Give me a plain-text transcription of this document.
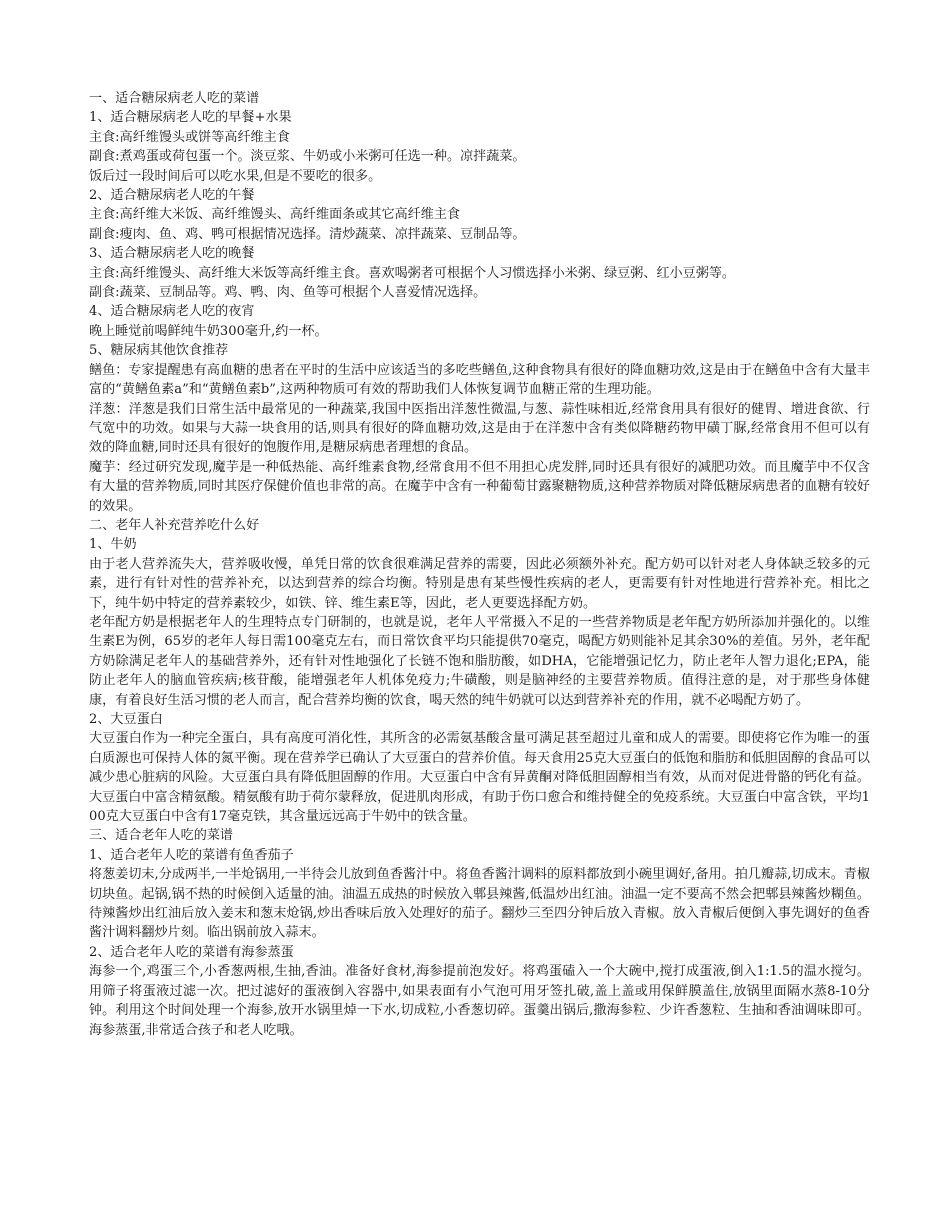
一、适合糖尿病老人吃的菜谱

1、适合糖尿病老人吃的早餐+水果

主食:高纤维馒头或饼等高纤维主食

副食:煮鸡蛋或荷包蛋一个。淡豆浆、牛奶或小米粥可任选一种。凉拌蔬菜。

饭后过一段时间后可以吃水果,但是不要吃的很多。

2、适合糖尿病老人吃的午餐

主食:高纤维大米饭、高纤维馒头、高纤维面条或其它高纤维主食

副食:瘦肉、鱼、鸡、鸭可根据情况选择。清炒蔬菜、凉拌蔬菜、豆制品等。

3、适合糖尿病老人吃的晚餐

主食:高纤维馒头、高纤维大米饭等高纤维主食。喜欢喝粥者可根据个人习惯选择小米粥、绿豆粥、红小豆粥等。

副食:蔬菜、豆制品等。鸡、鸭、肉、鱼等可根据个人喜爱情况选择。

4、适合糖尿病老人吃的夜宵

晚上睡觉前喝鲜纯牛奶300毫升,约一杯。

5、糖尿病其他饮食推荐

鳝鱼：专家提醒患有高血糖的患者在平时的生活中应该适当的多吃些鳝鱼,这种食物具有很好的降血糖功效,这是由于在鳝鱼中含有大量丰富的“黄鳝鱼素a”和“黄鳝鱼素b”,这两种物质可有效的帮助我们人体恢复调节血糖正常的生理功能。

洋葱：洋葱是我们日常生活中最常见的一种蔬菜,我国中医指出洋葱性微温,与葱、蒜性味相近,经常食用具有很好的健胃、增进食欲、行气宽中的功效。如果与大蒜一块食用的话,则具有很好的降血糖功效,这是由于在洋葱中含有类似降糖药物甲磺丁脲,经常食用不但可以有效的降血糖,同时还具有很好的饱腹作用,是糖尿病患者理想的食品。

魔芋：经过研究发现,魔芋是一种低热能、高纤维素食物,经常食用不但不用担心虎发胖,同时还具有很好的减肥功效。而且魔芋中不仅含有大量的营养物质,同时其医疗保健价值也非常的高。在魔芋中含有一种葡萄甘露聚糖物质,这种营养物质对降低糖尿病患者的血糖有较好的效果。

二、老年人补充营养吃什么好

1、牛奶

由于老人营养流失大，营养吸收慢，单凭日常的饮食很难满足营养的需要，因此必须额外补充。配方奶可以针对老人身体缺乏较多的元素，进行有针对性的营养补充，以达到营养的综合均衡。特别是患有某些慢性疾病的老人，更需要有针对性地进行营养补充。相比之下，纯牛奶中特定的营养素较少，如铁、锌、维生素E等，因此，老人更要选择配方奶。

老年配方奶是根据老年人的生理特点专门研制的，也就是说，老年人平常摄入不足的一些营养物质是老年配方奶所添加并强化的。以维生素E为例，65岁的老年人每日需100毫克左右，而日常饮食平均只能提供70毫克，喝配方奶则能补足其余30%的差值。另外，老年配方奶除满足老年人的基础营养外，还有针对性地强化了长链不饱和脂肪酸，如DHA，它能增强记忆力，防止老年人智力退化;EPA，能防止老年人的脑血管疾病;核苷酸，能增强老年人机体免疫力;牛磺酸，则是脑神经的主要营养物质。值得注意的是，对于那些身体健康，有着良好生活习惯的老人而言，配合营养均衡的饮食，喝天然的纯牛奶就可以达到营养补充的作用，就不必喝配方奶了。

2、大豆蛋白

大豆蛋白作为一种完全蛋白，具有高度可消化性，其所含的必需氨基酸含量可满足甚至超过儿童和成人的需要。即使将它作为唯一的蛋白质源也可保持人体的氮平衡。现在营养学已确认了大豆蛋白的营养价值。每天食用25克大豆蛋白的低饱和脂肪和低胆固醇的食品可以减少患心脏病的风险。大豆蛋白具有降低胆固醇的作用。大豆蛋白中含有异黄酮对降低胆固醇相当有效，从而对促进骨骼的钙化有益。大豆蛋白中富含精氨酸。精氨酸有助于荷尔蒙释放，促进肌肉形成，有助于伤口愈合和维持健全的免疫系统。大豆蛋白中富含铁，平均100克大豆蛋白中含有17毫克铁，其含量远远高于牛奶中的铁含量。

三、适合老年人吃的菜谱

1、适合老年人吃的菜谱有鱼香茄子

将葱姜切末,分成两半,一半炝锅用,一半待会儿放到鱼香酱汁中。将鱼香酱汁调料的原料都放到小碗里调好,备用。拍几瓣蒜,切成末。青椒切块鱼。起锅,锅不热的时候倒入适量的油。油温五成热的时候放入郫县辣酱,低温炒出红油。油温一定不要高不然会把郫县辣酱炒糊鱼。待辣酱炒出红油后放入姜末和葱末炝锅,炒出香味后放入处理好的茄子。翻炒三至四分钟后放入青椒。放入青椒后便倒入事先调好的鱼香酱汁调料翻炒片刻。临出锅前放入蒜末。

2、适合老年人吃的菜谱有海参蒸蛋

海参一个,鸡蛋三个,小香葱两根,生抽,香油。准备好食材,海参提前泡发好。将鸡蛋磕入一个大碗中,搅打成蛋液,倒入1:1.5的温水搅匀。用筛子将蛋液过滤一次。把过滤好的蛋液倒入容器中,如果表面有小气泡可用牙签扎破,盖上盖或用保鲜膜盖住,放锅里面隔水蒸8-10分钟。利用这个时间处理一个海参,放开水锅里焯一下水,切成粒,小香葱切碎。蛋羹出锅后,撒海参粒、少许香葱粒、生抽和香油调味即可。海参蒸蛋,非常适合孩子和老人吃哦。
